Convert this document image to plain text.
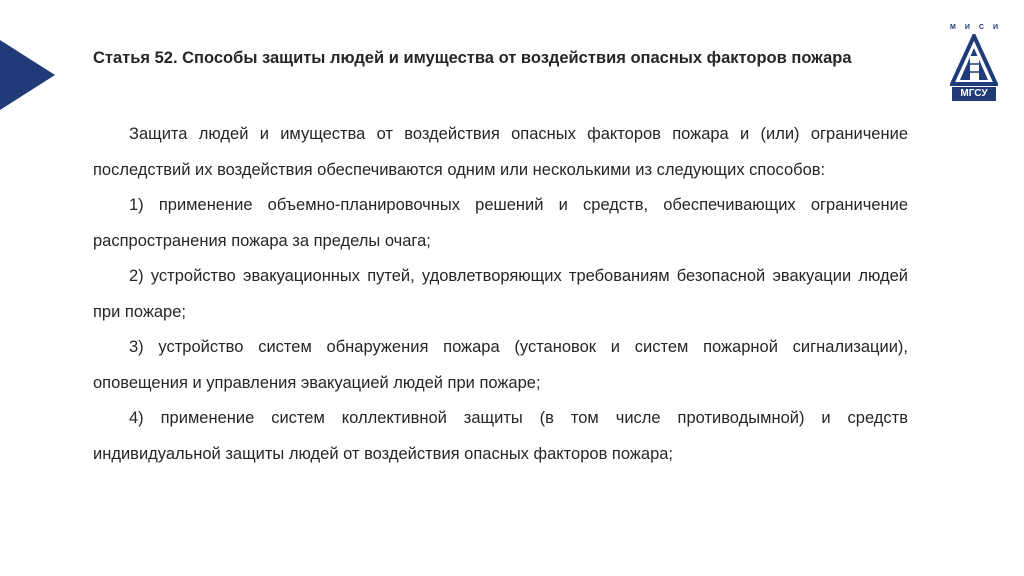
М И С И
МГСУ

Статья 52. Способы защиты людей и имущества от воздействия опасных факторов пожара

Защита людей и имущества от воздействия опасных факторов пожара и (или) ограничение последствий их воздействия обеспечиваются одним или несколькими из следующих способов:

1) применение объемно-планировочных решений и средств, обеспечивающих ограничение распространения пожара за пределы очага;

2) устройство эвакуационных путей, удовлетворяющих требованиям безопасной эвакуации людей при пожаре;

3) устройство систем обнаружения пожара (установок и систем пожарной сигнализации), оповещения и управления эвакуацией людей при пожаре;

4) применение систем коллективной защиты (в том числе противодымной) и средств индивидуальной защиты людей от воздействия опасных факторов пожара;
